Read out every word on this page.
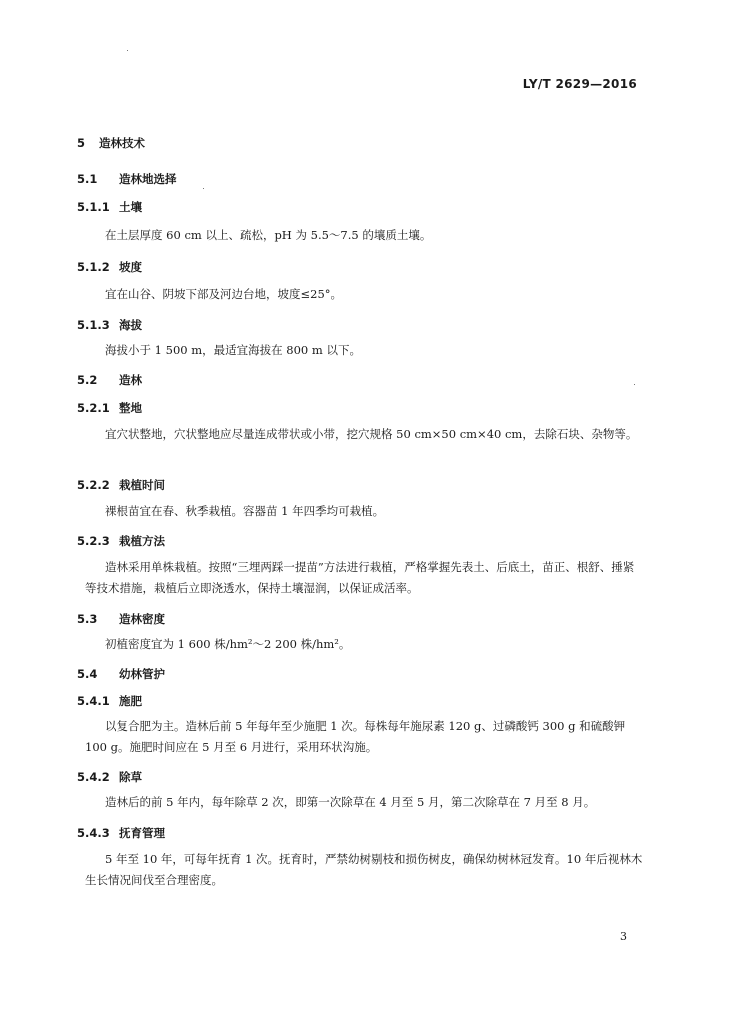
LY/T 2629—2016
5 造林技术
5.1 造林地选择
5.1.1 土壤
在土层厚度 60 cm 以上、疏松，pH 为 5.5～7.5 的壤质土壤。
5.1.2 坡度
宜在山谷、阴坡下部及河边台地，坡度≤25°。
5.1.3 海拔
海拔小于 1 500 m，最适宜海拔在 800 m 以下。
5.2 造林
5.2.1 整地
宜穴状整地，穴状整地应尽量连成带状或小带，挖穴规格 50 cm×50 cm×40 cm，去除石块、杂物等。
5.2.2 栽植时间
裸根苗宜在春、秋季栽植。容器苗 1 年四季均可栽植。
5.2.3 栽植方法
造林采用单株栽植。按照“三埋两踩一提苗”方法进行栽植，严格掌握先表土、后底土，苗正、根舒、捶紧等技术措施，栽植后立即浇透水，保持土壤湿润，以保证成活率。
5.3 造林密度
初植密度宜为 1 600 株/hm²～2 200 株/hm²。
5.4 幼林管护
5.4.1 施肥
以复合肥为主。造林后前 5 年每年至少施肥 1 次。每株每年施尿素 120 g、过磷酸钙 300 g 和硫酸钾 100 g。施肥时间应在 5 月至 6 月进行，采用环状沟施。
5.4.2 除草
造林后的前 5 年内，每年除草 2 次，即第一次除草在 4 月至 5 月，第二次除草在 7 月至 8 月。
5.4.3 抚育管理
5 年至 10 年，可每年抚育 1 次。抚育时，严禁幼树剔枝和损伤树皮，确保幼树林冠发育。10 年后视林木生长情况间伐至合理密度。
3
